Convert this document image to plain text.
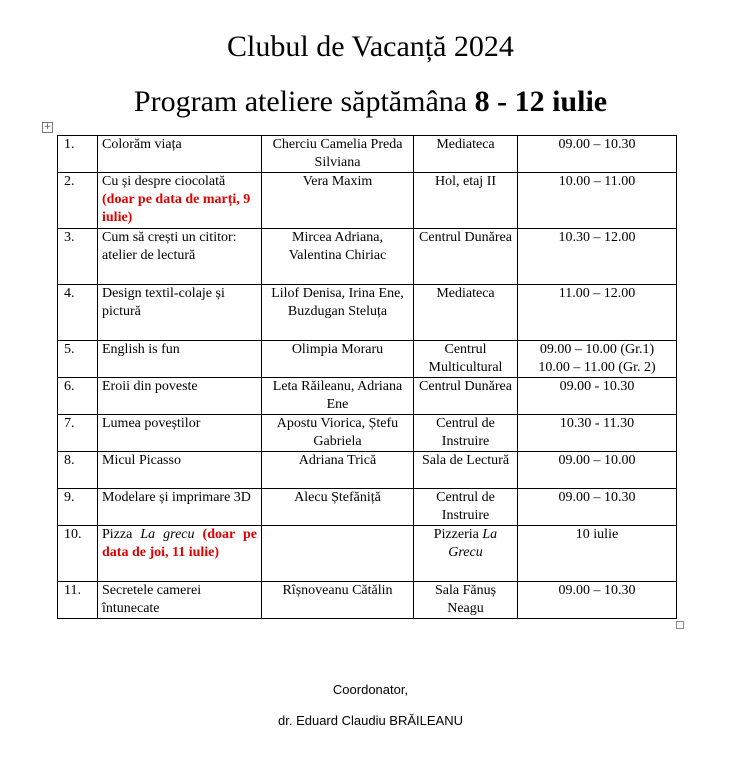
Clubul de Vacanță 2024
Program ateliere săptămâna 8 - 12 iulie
+
1.	Colorăm viața	Cherciu Camelia Preda Silviana	Mediateca	09.00 – 10.30
2.	Cu și despre ciocolată
(doar pe data de marți, 9 iulie)	Vera Maxim	Hol, etaj II	10.00 – 11.00
3.	Cum să crești un cititor: atelier de lectură	Mircea Adriana, Valentina Chiriac	Centrul Dunărea	10.30 – 12.00
4.	Design textil-colaje și pictură	Lilof Denisa, Irina Ene, Buzdugan Steluța	Mediateca	11.00 – 12.00
5.	English is fun	Olimpia Moraru	Centrul Multicultural	09.00 – 10.00 (Gr.1)
10.00 – 11.00 (Gr. 2)
6.	Eroii din poveste	Leta Răileanu, Adriana Ene	Centrul Dunărea	09.00 - 10.30
7.	Lumea poveștilor	Apostu Viorica, Ștefu Gabriela	Centrul de Instruire	10.30 - 11.30
8.	Micul Picasso	Adriana Trică	Sala de Lectură	09.00 – 10.00
9.	Modelare și imprimare 3D	Alecu Ștefăniță	Centrul de Instruire	09.00 – 10.30
10.	Pizza La grecu (doar pe data de joi, 11 iulie)		Pizzeria La Grecu	10 iulie
11.	Secretele camerei întunecate	Rîșnoveanu Cătălin	Sala Fănuș Neagu	09.00 – 10.30
Coordonator,
dr. Eduard Claudiu BRĂILEANU
